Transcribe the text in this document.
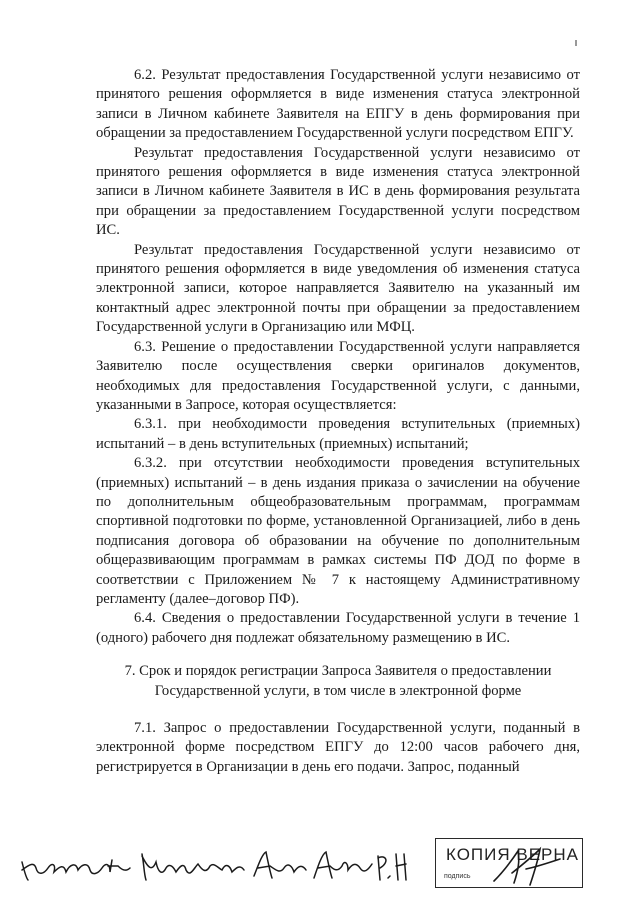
6.2. Результат предоставления Государственной услуги независимо от принятого решения оформляется в виде изменения статуса электронной записи в Личном кабинете Заявителя на ЕПГУ в день формирования при обращении за предоставлением Государственной услуги посредством ЕПГУ.

Результат предоставления Государственной услуги независимо от принятого решения оформляется в виде изменения статуса электронной записи в Личном кабинете Заявителя в ИС в день формирования результата при обращении за предоставлением Государственной услуги посредством ИС.

Результат предоставления Государственной услуги независимо от принятого решения оформляется в виде уведомления об изменения статуса электронной записи, которое направляется Заявителю на указанный им контактный адрес электронной почты при обращении за предоставлением Государственной услуги в Организацию или МФЦ.

6.3. Решение о предоставлении Государственной услуги направляется Заявителю после осуществления сверки оригиналов документов, необходимых для предоставления Государственной услуги, с данными, указанными в Запросе, которая осуществляется:

6.3.1. при необходимости проведения вступительных (приемных) испытаний – в день вступительных (приемных) испытаний;

6.3.2. при отсутствии необходимости проведения вступительных (приемных) испытаний – в день издания приказа о зачислении на обучение по дополнительным общеобразовательным программам, программам спортивной подготовки по форме, установленной Организацией, либо в день подписания договора об образовании на обучение по дополнительным общеразвивающим программам в рамках системы ПФ ДОД по форме в соответствии с Приложением № 7 к настоящему Административному регламенту (далее–договор ПФ).

6.4. Сведения о предоставлении Государственной услуги в течение 1 (одного) рабочего дня подлежат обязательному размещению в ИС.

7. Срок и порядок регистрации Запроса Заявителя о предоставлении Государственной услуги, в том числе в электронной форме

7.1. Запрос о предоставлении Государственной услуги, поданный в электронной форме посредством ЕПГУ до 12:00 часов рабочего дня, регистрируется в Организации в день его подачи. Запрос, поданный

КОПИЯ ВЕРНА
подпись
